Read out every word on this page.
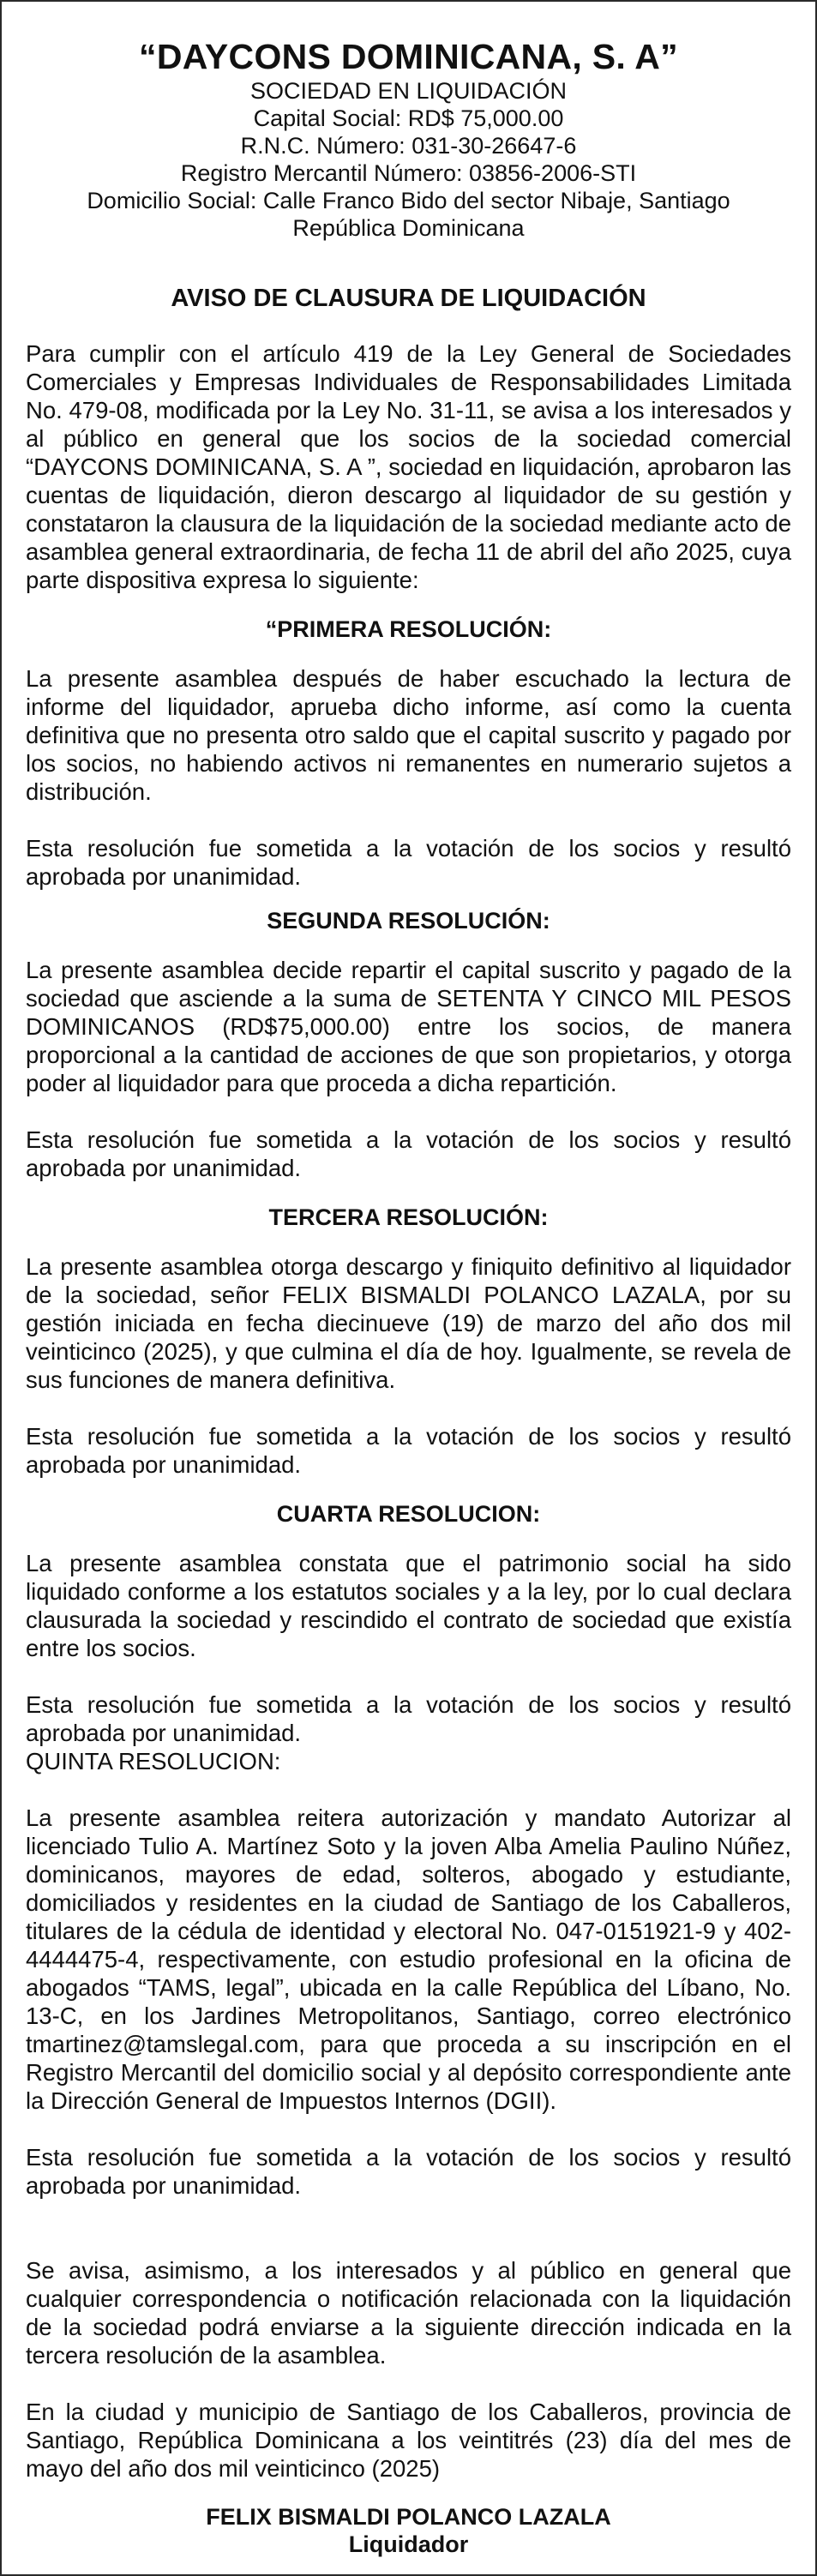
“DAYCONS DOMINICANA, S. A”
SOCIEDAD EN LIQUIDACIÓN
Capital Social: RD$ 75,000.00
R.N.C. Número: 031-30-26647-6
Registro Mercantil Número: 03856-2006-STI
Domicilio Social: Calle Franco Bido del sector Nibaje, Santiago
República Dominicana
AVISO DE CLAUSURA DE LIQUIDACIÓN

Para cumplir con el artículo 419 de la Ley General de Sociedades Comerciales y Empresas Individuales de Responsabilidades Limitada No. 479-08, modificada por la Ley No. 31-11, se avisa a los interesados y al público en general que los socios de la sociedad comercial “DAYCONS DOMINICANA, S. A ”, sociedad en liquidación, aprobaron las cuentas de liquidación, dieron descargo al liquidador de su gestión y constataron la clausura de la liquidación de la sociedad mediante acto de asamblea general extraordinaria, de fecha 11 de abril del año 2025, cuya parte dispositiva expresa lo siguiente:

“PRIMERA RESOLUCIÓN:

La presente asamblea después de haber escuchado la lectura de informe del liquidador, aprueba dicho informe, así como la cuenta definitiva que no presenta otro saldo que el capital suscrito y pagado por los socios, no habiendo activos ni remanentes en numerario sujetos a distribución.

Esta resolución fue sometida a la votación de los socios y resultó aprobada por unanimidad.

SEGUNDA RESOLUCIÓN:

La presente asamblea decide repartir el capital suscrito y pagado de la sociedad que asciende a la suma de SETENTA Y CINCO MIL PESOS DOMINICANOS (RD$75,000.00) entre los socios, de manera proporcional a la cantidad de acciones de que son propietarios, y otorga poder al liquidador para que proceda a dicha repartición.

Esta resolución fue sometida a la votación de los socios y resultó aprobada por unanimidad.

TERCERA RESOLUCIÓN:

La presente asamblea otorga descargo y finiquito definitivo al liquidador de la sociedad, señor FELIX BISMALDI POLANCO LAZALA, por su gestión iniciada en fecha diecinueve (19) de marzo del año dos mil veinticinco (2025), y que culmina el día de hoy. Igualmente, se revela de sus funciones de manera definitiva.

Esta resolución fue sometida a la votación de los socios y resultó aprobada por unanimidad.

CUARTA RESOLUCION:

La presente asamblea constata que el patrimonio social ha sido liquidado conforme a los estatutos sociales y a la ley, por lo cual declara clausurada la sociedad y rescindido el contrato de sociedad que existía entre los socios.

Esta resolución fue sometida a la votación de los socios y resultó aprobada por unanimidad.

QUINTA RESOLUCION:

La presente asamblea reitera autorización y mandato Autorizar al licenciado Tulio A. Martínez Soto y la joven Alba Amelia Paulino Núñez, dominicanos, mayores de edad, solteros, abogado y estudiante, domiciliados y residentes en la ciudad de Santiago de los Caballeros, titulares de la cédula de identidad y electoral No. 047-0151921-9 y 402-4444475-4, respectivamente, con estudio profesional en la oficina de abogados “TAMS, legal”, ubicada en la calle República del Líbano, No. 13-C, en los Jardines Metropolitanos, Santiago, correo electrónico tmartinez@tamslegal.com, para que proceda a su inscripción en el Registro Mercantil del domicilio social y al depósito correspondiente ante la Dirección General de Impuestos Internos (DGII).

Esta resolución fue sometida a la votación de los socios y resultó aprobada por unanimidad.

Se avisa, asimismo, a los interesados y al público en general que cualquier correspondencia o notificación relacionada con la liquidación de la sociedad podrá enviarse a la siguiente dirección indicada en la tercera resolución de la asamblea.

En la ciudad y municipio de Santiago de los Caballeros, provincia de Santiago, República Dominicana a los veintitrés (23) día del mes de mayo del año dos mil veinticinco (2025)

FELIX BISMALDI POLANCO LAZALA
Liquidador
